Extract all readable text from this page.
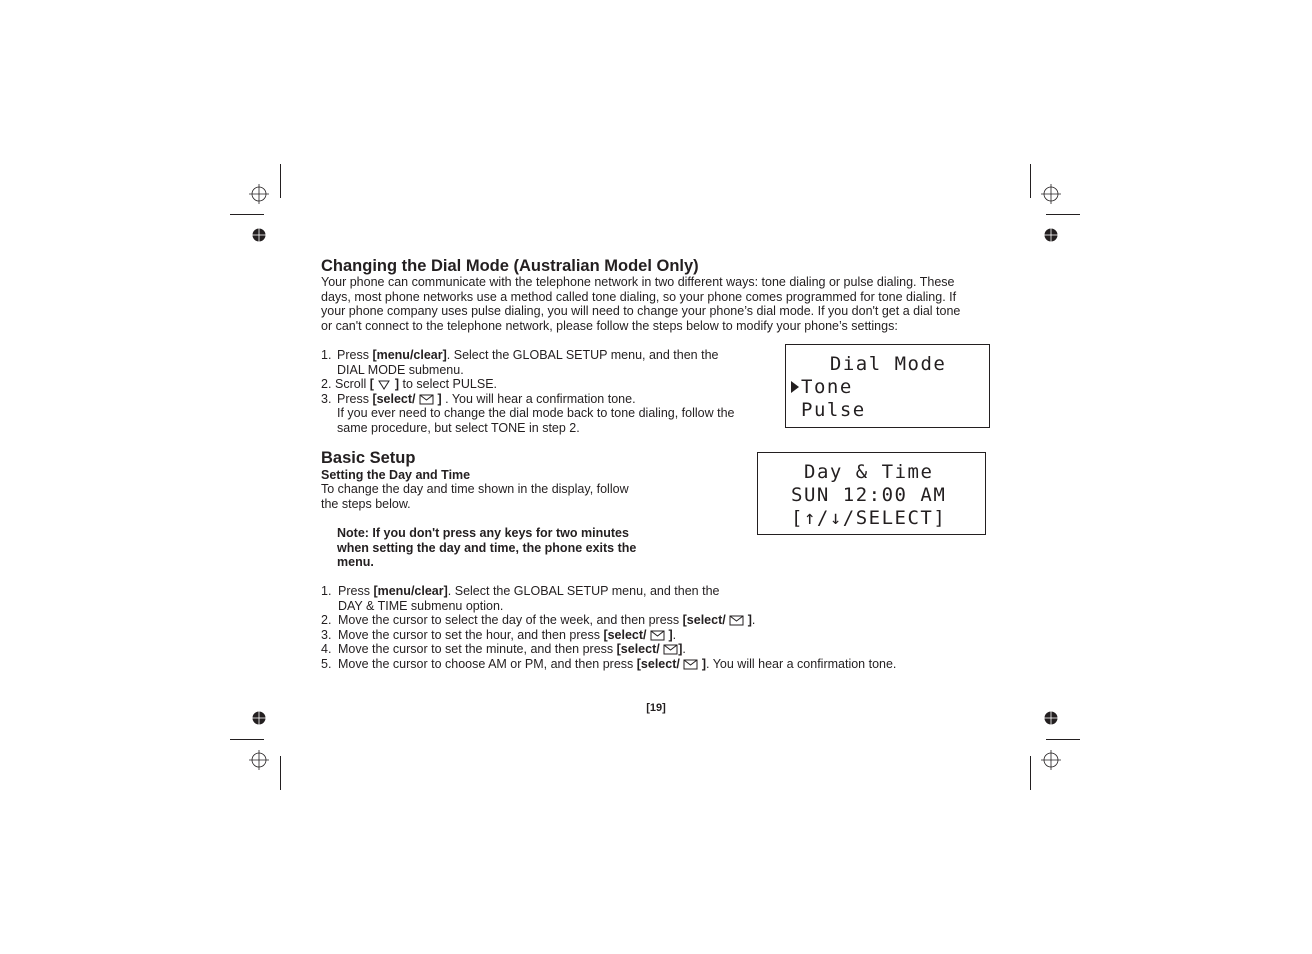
Changing the Dial Mode (Australian Model Only)
Your phone can communicate with the telephone network in two different ways: tone dialing or pulse dialing. These
days, most phone networks use a method called tone dialing, so your phone comes programmed for tone dialing. If
your phone company uses pulse dialing, you will need to change your phone’s dial mode. If you don't get a dial tone
or can't connect to the telephone network, please follow the steps below to modify your phone’s settings:
1. Press [menu/clear]. Select the GLOBAL SETUP menu, and then the
DIAL MODE submenu.
2. Scroll [ ] to select PULSE.
3. Press [select/ ] . You will hear a confirmation tone.
If you ever need to change the dial mode back to tone dialing, follow the
same procedure, but select TONE in step 2.
Dial Mode
Tone
Pulse
Basic Setup
Setting the Day and Time
To change the day and time shown in the display, follow
the steps below.
Note: If you don't press any keys for two minutes
when setting the day and time, the phone exits the
menu.
Day & Time
SUN 12:00 AM
[↑/↓/SELECT]
1. Press [menu/clear]. Select the GLOBAL SETUP menu, and then the
DAY & TIME submenu option.
2. Move the cursor to select the day of the week, and then press [select/ ].
3. Move the cursor to set the hour, and then press [select/ ].
4. Move the cursor to set the minute, and then press [select/ ].
5. Move the cursor to choose AM or PM, and then press [select/ ]. You will hear a confirmation tone.
[19]
